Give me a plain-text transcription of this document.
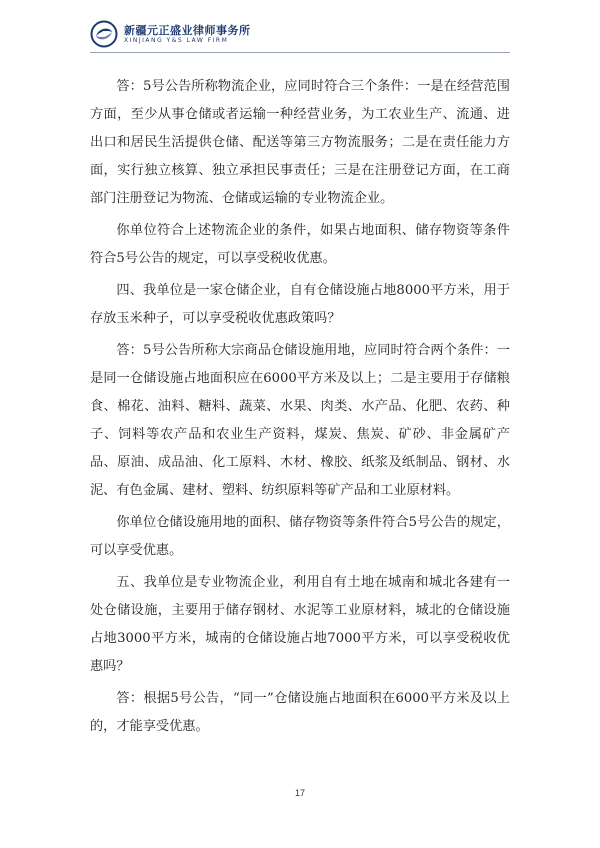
新疆元正盛业律师事务所
XINJIANG Y&S LAW FIRM

答：5号公告所称物流企业，应同时符合三个条件：一是在经营范围方面，至少从事仓储或者运输一种经营业务，为工农业生产、流通、进出口和居民生活提供仓储、配送等第三方物流服务；二是在责任能力方面，实行独立核算、独立承担民事责任；三是在注册登记方面，在工商部门注册登记为物流、仓储或运输的专业物流企业。

你单位符合上述物流企业的条件，如果占地面积、储存物资等条件符合5号公告的规定，可以享受税收优惠。

四、我单位是一家仓储企业，自有仓储设施占地8000平方米，用于存放玉米种子，可以享受税收优惠政策吗？

答：5号公告所称大宗商品仓储设施用地，应同时符合两个条件：一是同一仓储设施占地面积应在6000平方米及以上；二是主要用于存储粮食、棉花、油料、糖料、蔬菜、水果、肉类、水产品、化肥、农药、种子、饲料等农产品和农业生产资料，煤炭、焦炭、矿砂、非金属矿产品、原油、成品油、化工原料、木材、橡胶、纸浆及纸制品、钢材、水泥、有色金属、建材、塑料、纺织原料等矿产品和工业原材料。

你单位仓储设施用地的面积、储存物资等条件符合5号公告的规定，可以享受优惠。

五、我单位是专业物流企业，利用自有土地在城南和城北各建有一处仓储设施，主要用于储存钢材、水泥等工业原材料，城北的仓储设施占地3000平方米，城南的仓储设施占地7000平方米，可以享受税收优惠吗？

答：根据5号公告，“同一”仓储设施占地面积在6000平方米及以上的，才能享受优惠。

17
